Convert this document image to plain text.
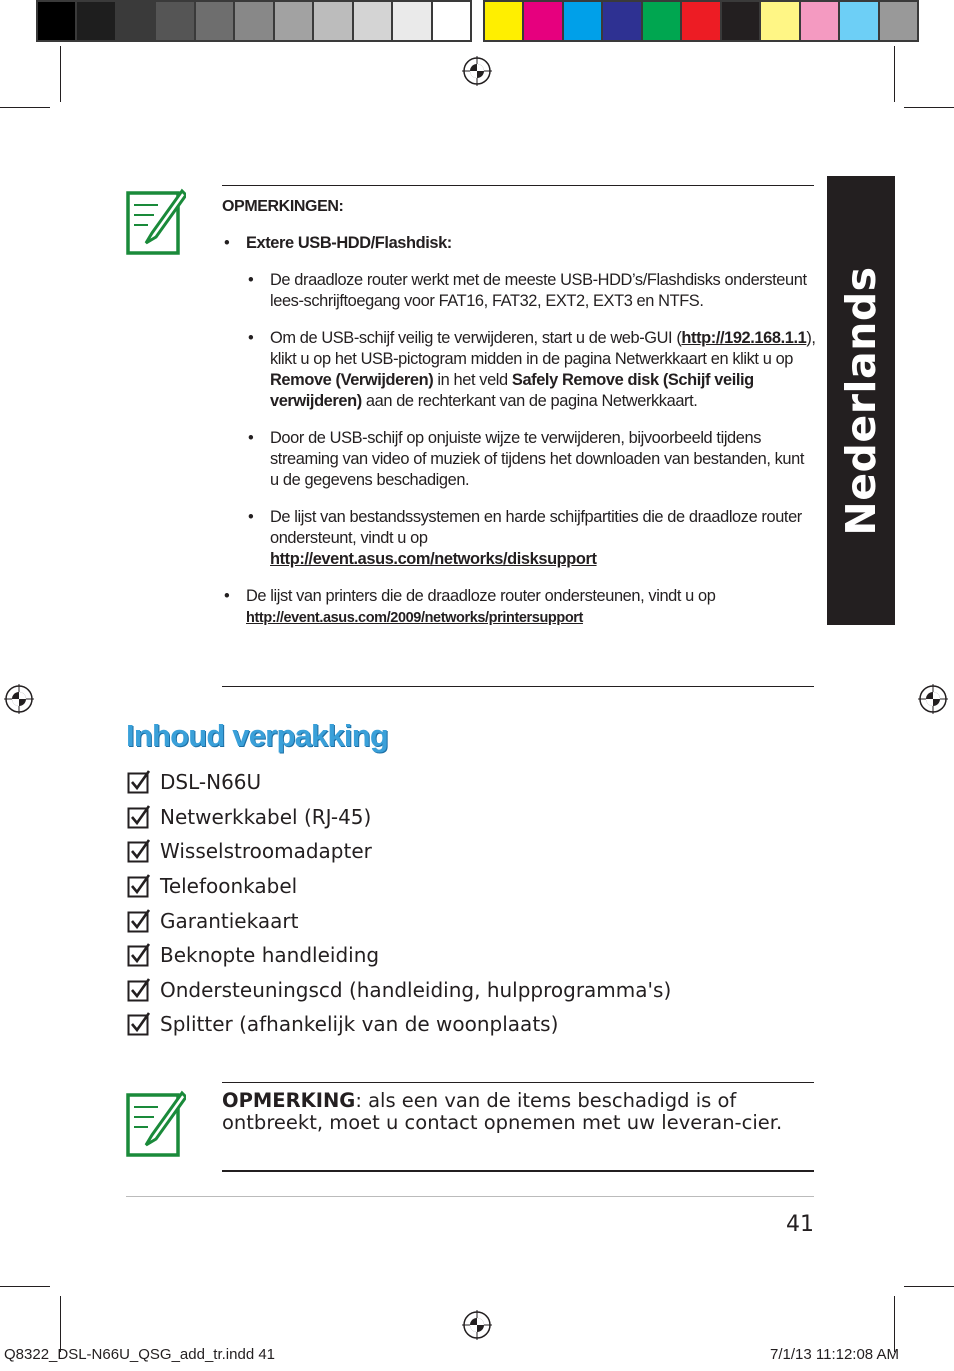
Nederlands
OPMERKINGEN:
• Extere USB-HDD/Flashdisk:
• De draadloze router werkt met de meeste USB-HDD’s/Flashdisks ondersteunt lees-schrijftoegang voor FAT16, FAT32, EXT2, EXT3 en NTFS.
• Om de USB-schijf veilig te verwijderen, start u de web-GUI (http://192.168.1.1), klikt u op het USB-pictogram midden in de pagina Netwerkkaart en klikt u op Remove (Verwijderen) in het veld Safely Remove disk (Schijf veilig verwijderen) aan de rechterkant van de pagina Netwerkkaart.
• Door de USB-schijf op onjuiste wijze te verwijderen, bijvoorbeeld tijdens streaming van video of muziek of tijdens het downloaden van bestanden, kunt u de gegevens beschadigen.
• De lijst van bestandssystemen en harde schijfpartities die de draadloze router ondersteunt, vindt u op
http://event.asus.com/networks/disksupport
• De lijst van printers die de draadloze router ondersteunen, vindt u op
http://event.asus.com/2009/networks/printersupport
Inhoud verpakking
DSL-N66U
Netwerkkabel (RJ-45)
Wisselstroomadapter
Telefoonkabel
Garantiekaart
Beknopte handleiding
Ondersteuningscd (handleiding, hulpprogramma's)
Splitter (afhankelijk van de woonplaats)
OPMERKING: als een van de items beschadigd is of ontbreekt, moet u contact opnemen met uw leveran-cier.
41
Q8322_DSL-N66U_QSG_add_tr.indd 41	7/1/13 11:12:08 AM
